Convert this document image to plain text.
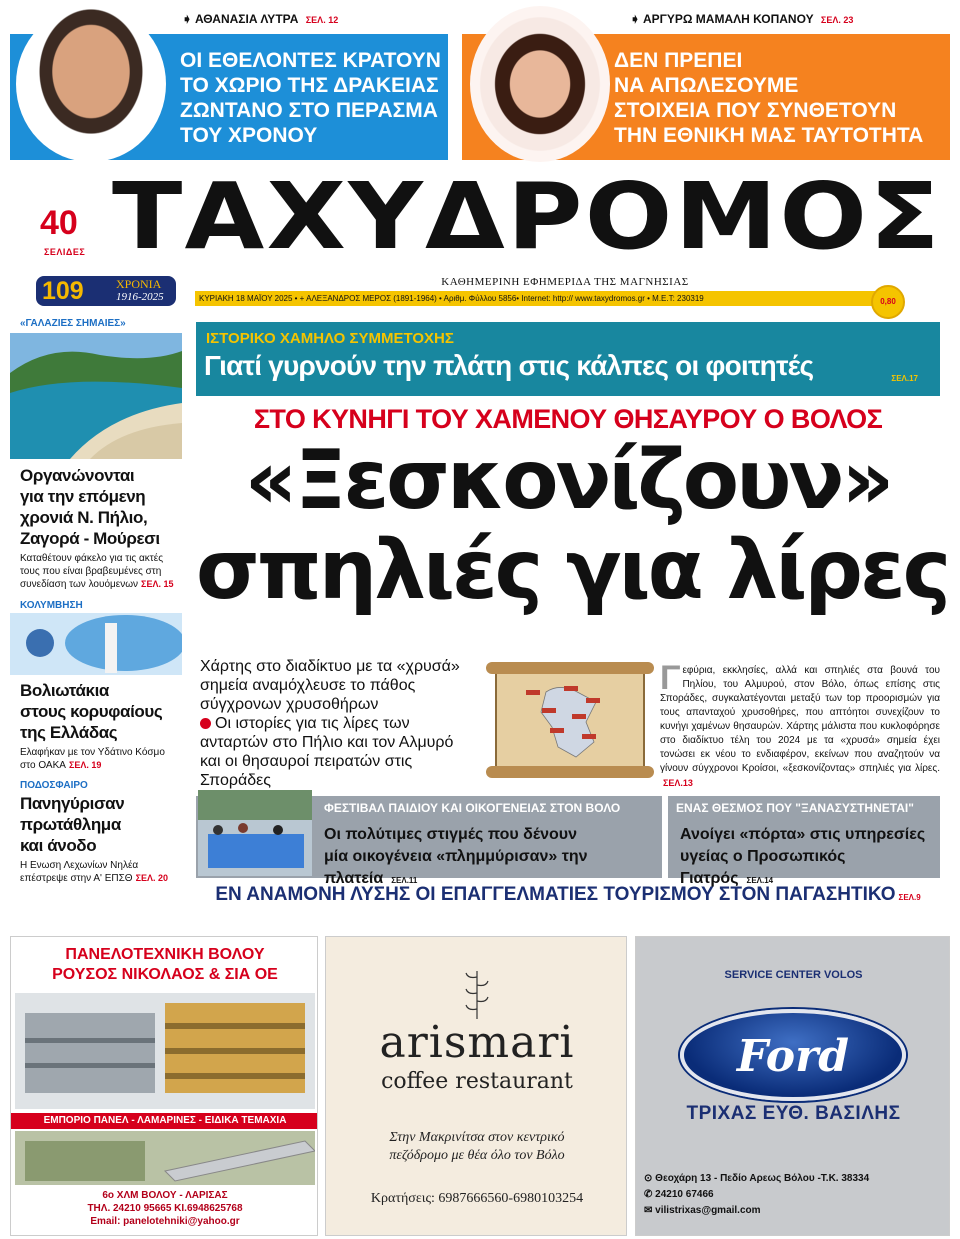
➧ ΑΘΑΝΑΣΙΑ ΛΥΤΡΑ ΣΕΛ. 12	➧ ΑΡΓΥΡΩ ΜΑΜΑΛΗ ΚΟΠΑΝΟΥ ΣΕΛ. 23
ΟΙ ΕΘΕΛΟΝΤΕΣ ΚΡΑΤΟΥΝ
ΤΟ ΧΩΡΙΟ ΤΗΣ ΔΡΑΚΕΙΑΣ
ΖΩΝΤΑΝΟ ΣΤΟ ΠΕΡΑΣΜΑ
ΤΟΥ ΧΡΟΝΟΥ
ΔΕΝ ΠΡΕΠΕΙ
ΝΑ ΑΠΩΛΕΣΟΥΜΕ
ΣΤΟΙΧΕΙΑ ΠΟΥ ΣΥΝΘΕΤΟΥΝ
ΤΗΝ ΕΘΝΙΚΗ ΜΑΣ ΤΑΥΤΟΤΗΤΑ
40
ΣΕΛΙΔΕΣ ΤΑΧΥΔΡΟΜΟΣ
109	ΧΡΟΝΙΑ
1916-2025
ΚΑΘΗΜΕΡΙΝΗ ΕΦΗΜΕΡΙΔΑ ΤΗΣ ΜΑΓΝΗΣΙΑΣ
ΚΥΡΙΑΚΗ 18 ΜΑΪΟΥ 2025 • + ΑΛΕΞΑΝΔΡΟΣ ΜΕΡΟΣ (1891-1964) • Αριθμ. Φύλλου 5856• Internet: http:// www.taxydromos.gr • Μ.Ε.Τ: 230319	0,80
«ΓΑΛΑΖΙΕΣ ΣΗΜΑΙΕΣ»
Οργανώνονται
για την επόμενη
χρονιά Ν. Πήλιο,
Ζαγορά - Μούρεσι
Καταθέτουν φάκελο για τις ακτές τους που είναι βραβευμένες στη συνεδίαση των λουόμενων ΣΕΛ. 15
ΚΟΛΥΜΒΗΣΗ
Βολιωτάκια
στους κορυφαίους
της Ελλάδας
Ελαφήκαν με τον Υδάτινο Κόσμο στο ΟΑΚΑ ΣΕΛ. 19
ΠΟΔΟΣΦΑΙΡΟ
Πανηγύρισαν
πρωτάθλημα
και άνοδο
Η Ενωση Λεχωνίων Νηλέα επέστρεψε στην Α' ΕΠΣΘ ΣΕΛ. 20
ΙΣΤΟΡΙΚΟ ΧΑΜΗΛΟ ΣΥΜΜΕΤΟΧΗΣ
Γιατί γυρνούν την πλάτη στις κάλπες οι φοιτητές	ΣΕΛ.17
ΣΤΟ ΚΥΝΗΓΙ ΤΟΥ ΧΑΜΕΝΟΥ ΘΗΣΑΥΡΟΥ Ο ΒΟΛΟΣ
«Ξεσκονίζουν»
σπηλιές για λίρες
Χάρτης στο διαδίκτυο με τα «χρυσά» σημεία αναμόχλευσε το πάθος σύγχρονων χρυσοθήρων
Οι ιστορίες για τις λίρες των ανταρτών στο Πήλιο και τον Αλμυρό και οι θησαυροί πειρατών στις Σποράδες
Γεφύρια, εκκλησίες, αλλά και σπηλιές στα βουνά του Πηλίου, του Αλμυρού, στον Βόλο, όπως επίσης στις Σποράδες, συγκαλατέγονται μεταξύ των top προορισμών για τους απανταχού χρυσοθήρες, που απτόητοι συνεχίζουν το κυνήγι χαμένων θησαυρών. Χάρτης μάλιστα που κυκλοφόρησε στο διαδίκτυο τέλη του 2024 με τα «χρυσά» σημεία έχει τονώσει εκ νέου το ενδιαφέρον, εκείνων που αναζητούν να γίνουν σύγχρονοι Κροίσοι, «ξεσκονίζοντας» σπηλιές για λίρες. ΣΕΛ.13
ΦΕΣΤΙΒΑΛ ΠΑΙΔΙΟΥ ΚΑΙ ΟΙΚΟΓΕΝΕΙΑΣ ΣΤΟΝ ΒΟΛΟ
Οι πολύτιμες στιγμές που δένουν
μία οικογένεια «πλημμύρισαν» την πλατεία ΣΕΛ.11
ΕΝΑΣ ΘΕΣΜΟΣ ΠΟΥ "ΞΑΝΑΣΥΣΤΗΝΕΤΑΙ"
Ανοίγει «πόρτα» στις υπηρεσίες
υγείας ο Προσωπικός Γιατρός ΣΕΛ.14
ΕΝ ΑΝΑΜΟΝΗ ΛΥΣΗΣ ΟΙ ΕΠΑΓΓΕΛΜΑΤΙΕΣ ΤΟΥΡΙΣΜΟΥ ΣΤΟΝ ΠΑΓΑΣΗΤΙΚΟ ΣΕΛ.9
ΠΑΝΕΛΟΤΕΧΝΙΚΗ ΒΟΛΟΥ
ΡΟΥΣΟΣ ΝΙΚΟΛΑΟΣ & ΣΙΑ ΟΕ
ΕΜΠΟΡΙΟ ΠΑΝΕΛ - ΛΑΜΑΡΙΝΕΣ - ΕΙΔΙΚΑ ΤΕΜΑΧΙΑ
6ο ΧΛΜ ΒΟΛΟΥ - ΛΑΡΙΣΑΣ
ΤΗΛ. 24210 95665 ΚΙ.6948625768
Email: panelotehniki@yahoo.gr
arismari
coffee restaurant
Στην Μακρινίτσα στον κεντρικό
πεζόδρομο με θέα όλο τον Βόλο
Κρατήσεις: 6987666560-6980103254
SERVICE CENTER VOLOS
Ford
ΤΡΙΧΑΣ ΕΥΘ. ΒΑΣΙΛΗΣ
⊙ Θεοχάρη 13 - Πεδίο Αρεως Βόλου -Τ.Κ. 38334
✆ 24210 67466
✉ vilistrixas@gmail.com
